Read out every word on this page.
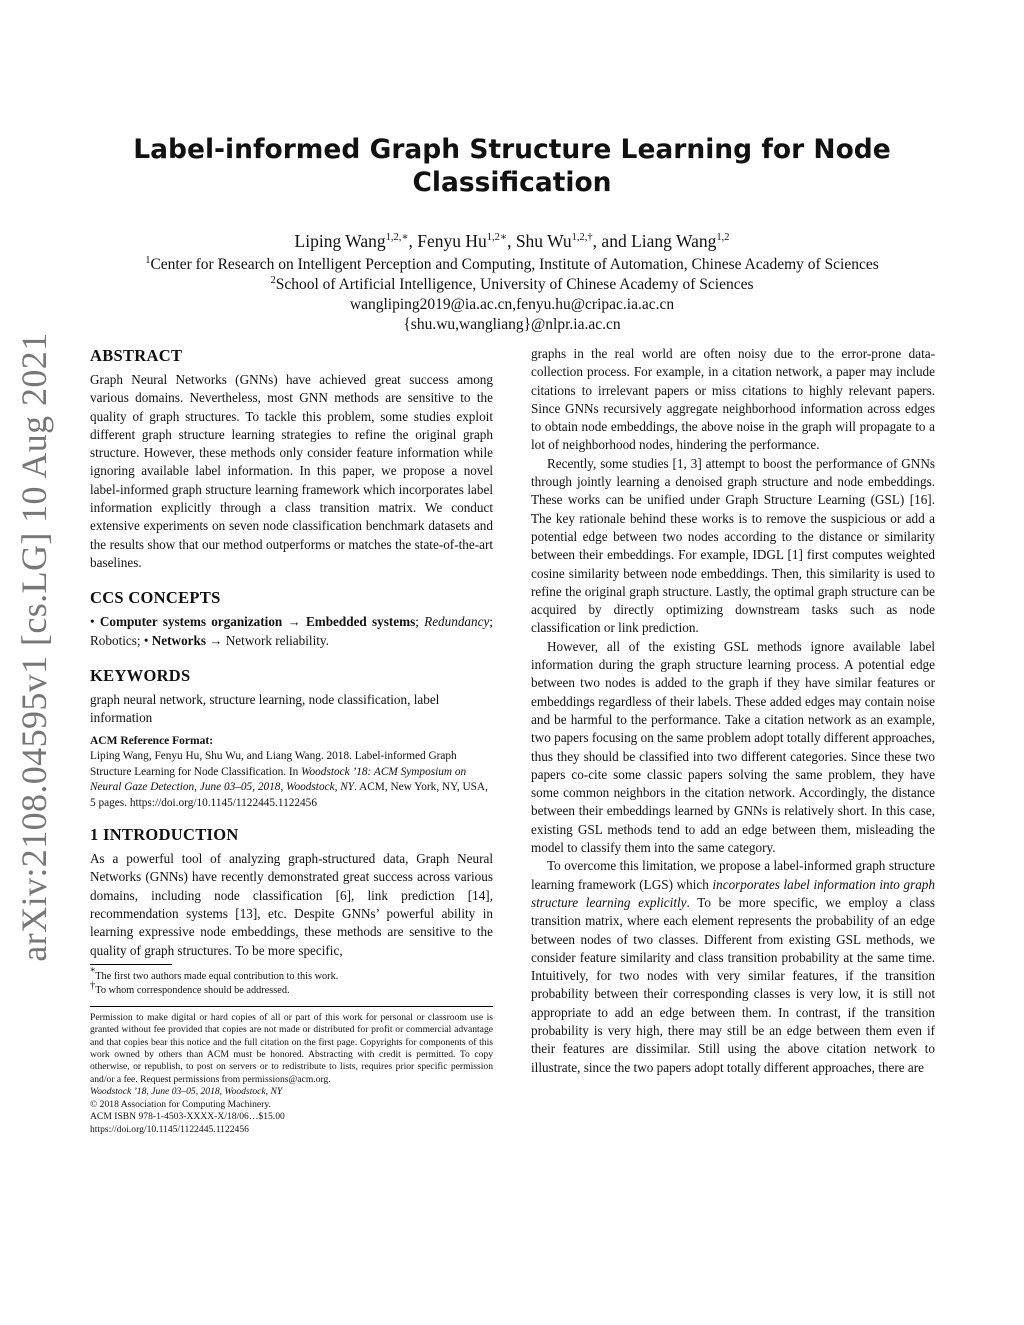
arXiv:2108.04595v1 [cs.LG] 10 Aug 2021
Label-informed Graph Structure Learning for Node Classification
Liping Wang$^{1,2,∗}$, Fenyu $Hu^{1,2∗}$, Shu $Wu^{1,2,\dagger}$, and Liang Wang$^{1,2}$
$^1$Center for Research on Intelligent Perception and Computing, Institute of Automation, Chinese Academy of Sciences
$^2$School of Artificial Intelligence, University of Chinese Academy of Sciences
wangliping2019@ia.ac.cn,fenyu.hu@cripac.ia.ac.cn
{shu.wu,wangliang}@nlpr.ia.ac.cn
ABSTRACT

Graph Neural Networks (GNNs) have achieved great success among various domains. Nevertheless, most GNN methods are sensitive to the quality of graph structures. To tackle this problem, some studies exploit different graph structure learning strategies to refine the original graph structure. However, these methods only consider feature information while ignoring available label information. In this paper, we propose a novel label-informed graph structure learning framework which incorporates label information explicitly through a class transition matrix. We conduct extensive experiments on seven node classification benchmark datasets and the results show that our method outperforms or matches the state-of-the-art baselines.

CCS CONCEPTS

• Computer systems organization → Embedded systems; Redundancy; Robotics; • Networks → Network reliability.

KEYWORDS

graph neural network, structure learning, node classification, label information

ACM Reference Format:

Liping Wang, Fenyu Hu, Shu Wu, and Liang Wang. 2018. Label-informed Graph Structure Learning for Node Classification. In Woodstock ’18: ACM Symposium on Neural Gaze Detection, June 03–05, 2018, Woodstock, NY. ACM, New York, NY, USA, 5 pages. https://doi.org/10.1145/1122445.1122456

1 INTRODUCTION

As a powerful tool of analyzing graph-structured data, Graph Neural Networks (GNNs) have recently demonstrated great success across various domains, including node classification [6], link prediction [14], recommendation systems [13], etc. Despite GNNs’ powerful ability in learning expressive node embeddings, these methods are sensitive to the quality of graph structures. To be more specific,

*The first two authors made equal contribution to this work.

†To whom correspondence should be addressed.

Permission to make digital or hard copies of all or part of this work for personal or classroom use is granted without fee provided that copies are not made or distributed for profit or commercial advantage and that copies bear this notice and the full citation on the first page. Copyrights for components of this work owned by others than ACM must be honored. Abstracting with credit is permitted. To copy otherwise, or republish, to post on servers or to redistribute to lists, requires prior specific permission and/or a fee. Request permissions from permissions@acm.org.

Woodstock ’18, June 03–05, 2018, Woodstock, NY
© 2018 Association for Computing Machinery.
ACM ISBN 978-1-4503-XXXX-X/18/06…$15.00
https://doi.org/10.1145/1122445.1122456

graphs in the real world are often noisy due to the error-prone data-collection process. For example, in a citation network, a paper may include citations to irrelevant papers or miss citations to highly relevant papers. Since GNNs recursively aggregate neighborhood information across edges to obtain node embeddings, the above noise in the graph will propagate to a lot of neighborhood nodes, hindering the performance.

Recently, some studies [1, 3] attempt to boost the performance of GNNs through jointly learning a denoised graph structure and node embeddings. These works can be unified under Graph Structure Learning (GSL) [16]. The key rationale behind these works is to remove the suspicious or add a potential edge between two nodes according to the distance or similarity between their embeddings. For example, IDGL [1] first computes weighted cosine similarity between node embeddings. Then, this similarity is used to refine the original graph structure. Lastly, the optimal graph structure can be acquired by directly optimizing downstream tasks such as node classification or link prediction.

However, all of the existing GSL methods ignore available label information during the graph structure learning process. A potential edge between two nodes is added to the graph if they have similar features or embeddings regardless of their labels. These added edges may contain noise and be harmful to the performance. Take a citation network as an example, two papers focusing on the same problem adopt totally different approaches, thus they should be classified into two different categories. Since these two papers co-cite some classic papers solving the same problem, they have some common neighbors in the citation network. Accordingly, the distance between their embeddings learned by GNNs is relatively short. In this case, existing GSL methods tend to add an edge between them, misleading the model to classify them into the same category.

To overcome this limitation, we propose a label-informed graph structure learning framework (LGS) which incorporates label information into graph structure learning explicitly. To be more specific, we employ a class transition matrix, where each element represents the probability of an edge between nodes of two classes. Different from existing GSL methods, we consider feature similarity and class transition probability at the same time. Intuitively, for two nodes with very similar features, if the transition probability between their corresponding classes is very low, it is still not appropriate to add an edge between them. In contrast, if the transition probability is very high, there may still be an edge between them even if their features are dissimilar. Still using the above citation network to illustrate, since the two papers adopt totally different approaches, there are
